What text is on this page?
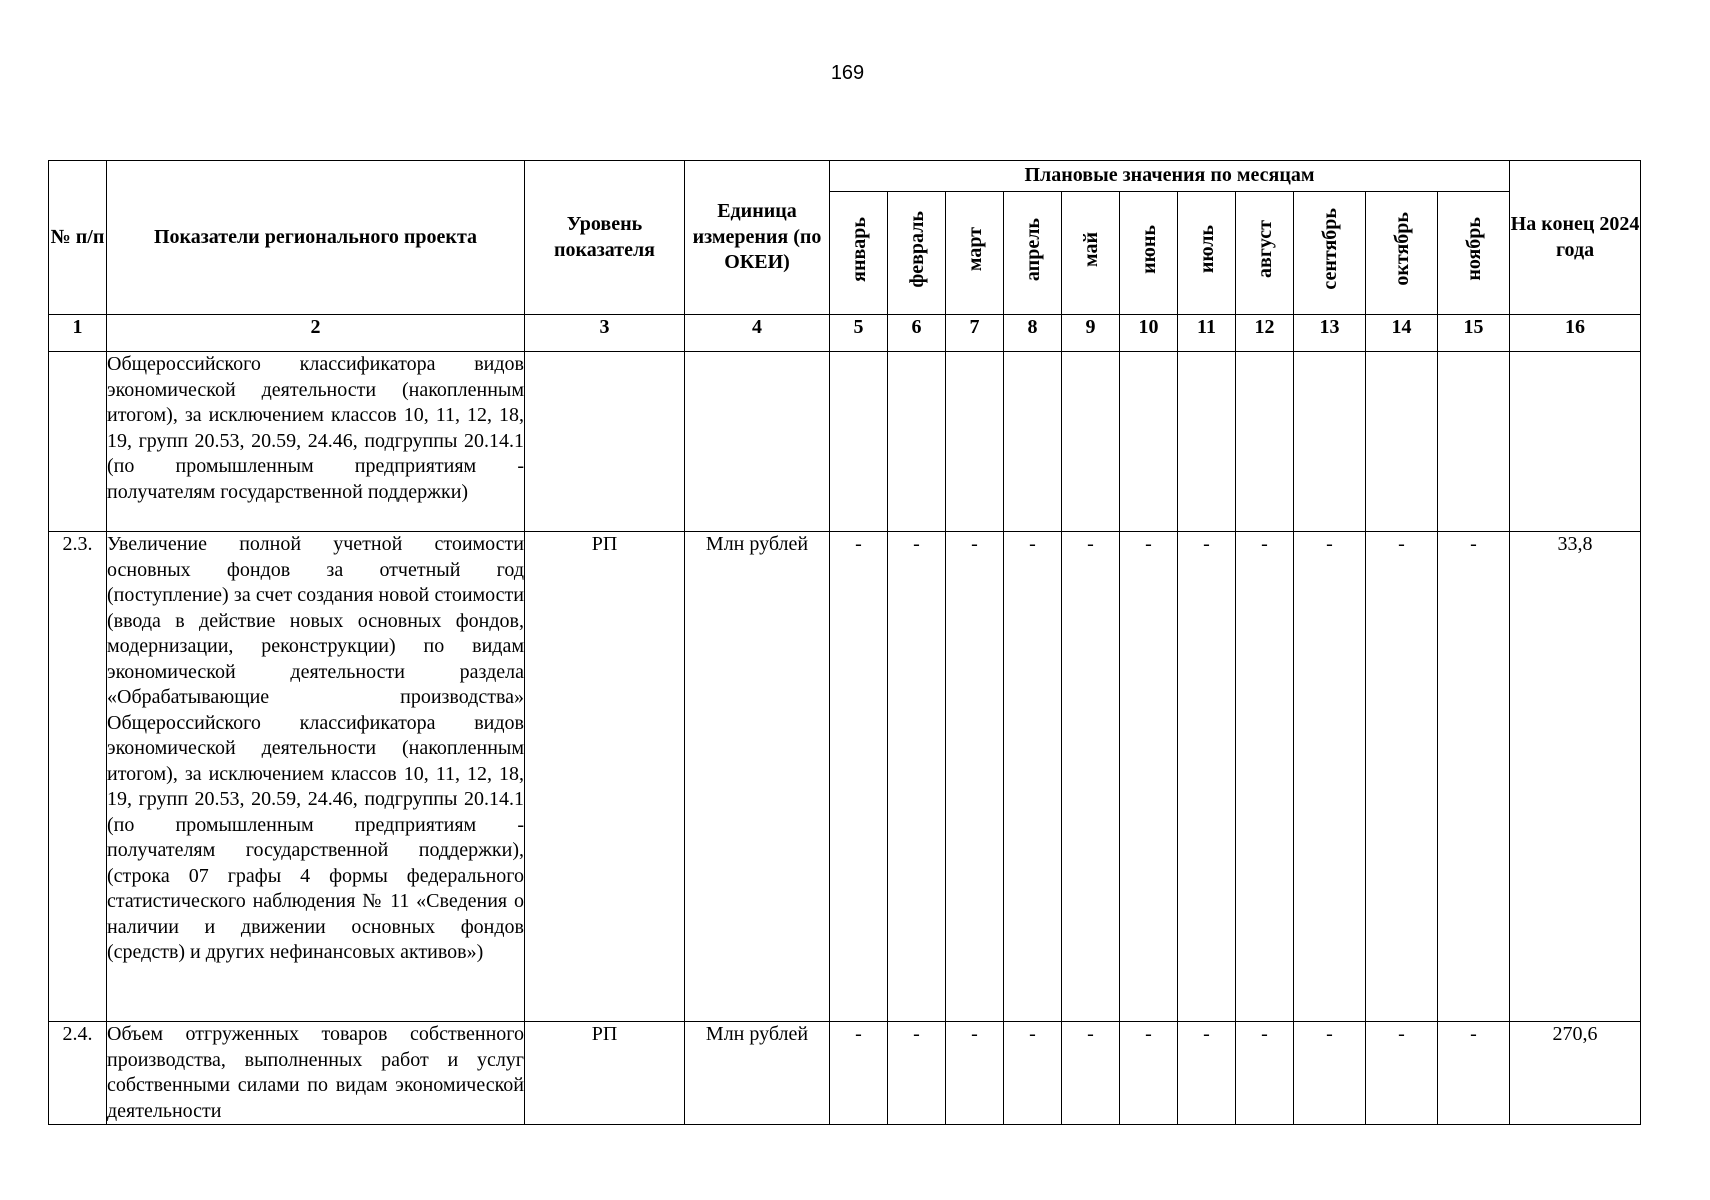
169
№ п/п	Показатели регионального проекта	Уровень показателя	Единица измерения (по ОКЕИ)	Плановые значения по месяцам											На конец 2024 года
				январь	февраль	март	апрель	май	июнь	июль	август	сентябрь	октябрь	ноябрь	
1	2	3	4	5	6	7	8	9	10	11	12	13	14	15	16
	Общероссийского классификатора видов экономической деятельности (накопленным итогом), за исключением классов 10, 11, 12, 18, 19, групп 20.53, 20.59, 24.46, подгруппы 20.14.1 (по промышленным предприятиям - получателям государственной поддержки)														
2.3.	Увеличение полной учетной стоимости основных фондов за отчетный год (поступление) за счет создания новой стоимости (ввода в действие новых основных фондов, модернизации, реконструкции) по видам экономической деятельности раздела «Обрабатывающие производства» Общероссийского классификатора видов экономической деятельности (накопленным итогом), за исключением классов 10, 11, 12, 18, 19, групп 20.53, 20.59, 24.46, подгруппы 20.14.1 (по промышленным предприятиям - получателям государственной поддержки), (строка 07 графы 4 формы федерального статистического наблюдения № 11 «Сведения о наличии и движении основных фондов (средств) и других нефинансовых активов»)	РП	Млн рублей	-	-	-	-	-	-	-	-	-	-	-	33,8
2.4.	Объем отгруженных товаров собственного производства, выполненных работ и услуг собственными силами по видам экономической деятельности	РП	Млн рублей	-	-	-	-	-	-	-	-	-	-	-	270,6
